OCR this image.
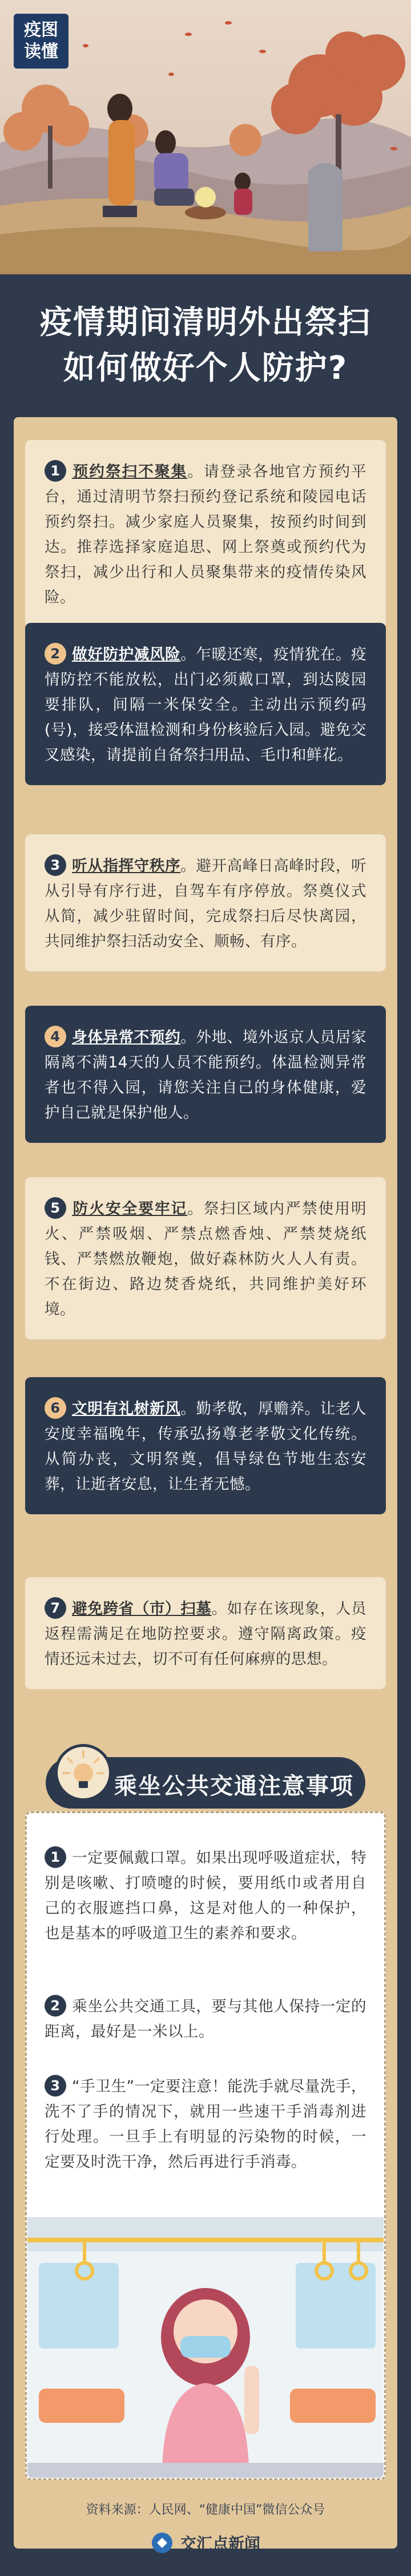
疫图
读懂
疫情期间清明外出祭扫
如何做好个人防护?

1 预约祭扫不聚集。请登录各地官方预约平台，通过清明节祭扫预约登记系统和陵园电话预约祭扫。减少家庭人员聚集，按预约时间到达。推荐选择家庭追思、网上祭奠或预约代为祭扫，减少出行和人员聚集带来的疫情传染风险。

2 做好防护减风险。乍暖还寒，疫情犹在。疫情防控不能放松，出门必须戴口罩，到达陵园要排队，间隔一米保安全。主动出示预约码(号)，接受体温检测和身份核验后入园。避免交叉感染，请提前自备祭扫用品、毛巾和鲜花。

3 听从指挥守秩序。避开高峰日高峰时段，听从引导有序行进，自驾车有序停放。祭奠仪式从简，减少驻留时间，完成祭扫后尽快离园，共同维护祭扫活动安全、顺畅、有序。

4 身体异常不预约。外地、境外返京人员居家隔离不满14天的人员不能预约。体温检测异常者也不得入园，请您关注自己的身体健康，爱护自己就是保护他人。

5 防火安全要牢记。祭扫区域内严禁使用明火、严禁吸烟、严禁点燃香烛、严禁焚烧纸钱、严禁燃放鞭炮，做好森林防火人人有责。不在街边、路边焚香烧纸，共同维护美好环境。

6 文明有礼树新风。勤孝敬，厚赡养。让老人安度幸福晚年，传承弘扬尊老孝敬文化传统。从简办丧，文明祭奠，倡导绿色节地生态安葬，让逝者安息，让生者无憾。

7 避免跨省（市）扫墓。如存在该现象，人员返程需满足在地防控要求。遵守隔离政策。疫情还远未过去，切不可有任何麻痹的思想。

乘坐公共交通注意事项

1 一定要佩戴口罩。如果出现呼吸道症状，特别是咳嗽、打喷嚏的时候，要用纸巾或者用自己的衣服遮挡口鼻，这是对他人的一种保护，也是基本的呼吸道卫生的素养和要求。

2 乘坐公共交通工具，要与其他人保持一定的距离，最好是一米以上。

3 “手卫生”一定要注意！能洗手就尽量洗手，洗不了手的情况下，就用一些速干手消毒剂进行处理。一旦手上有明显的污染物的时候，一定要及时洗干净，然后再进行手消毒。

资料来源：人民网、“健康中国”微信公众号
交汇点新闻
